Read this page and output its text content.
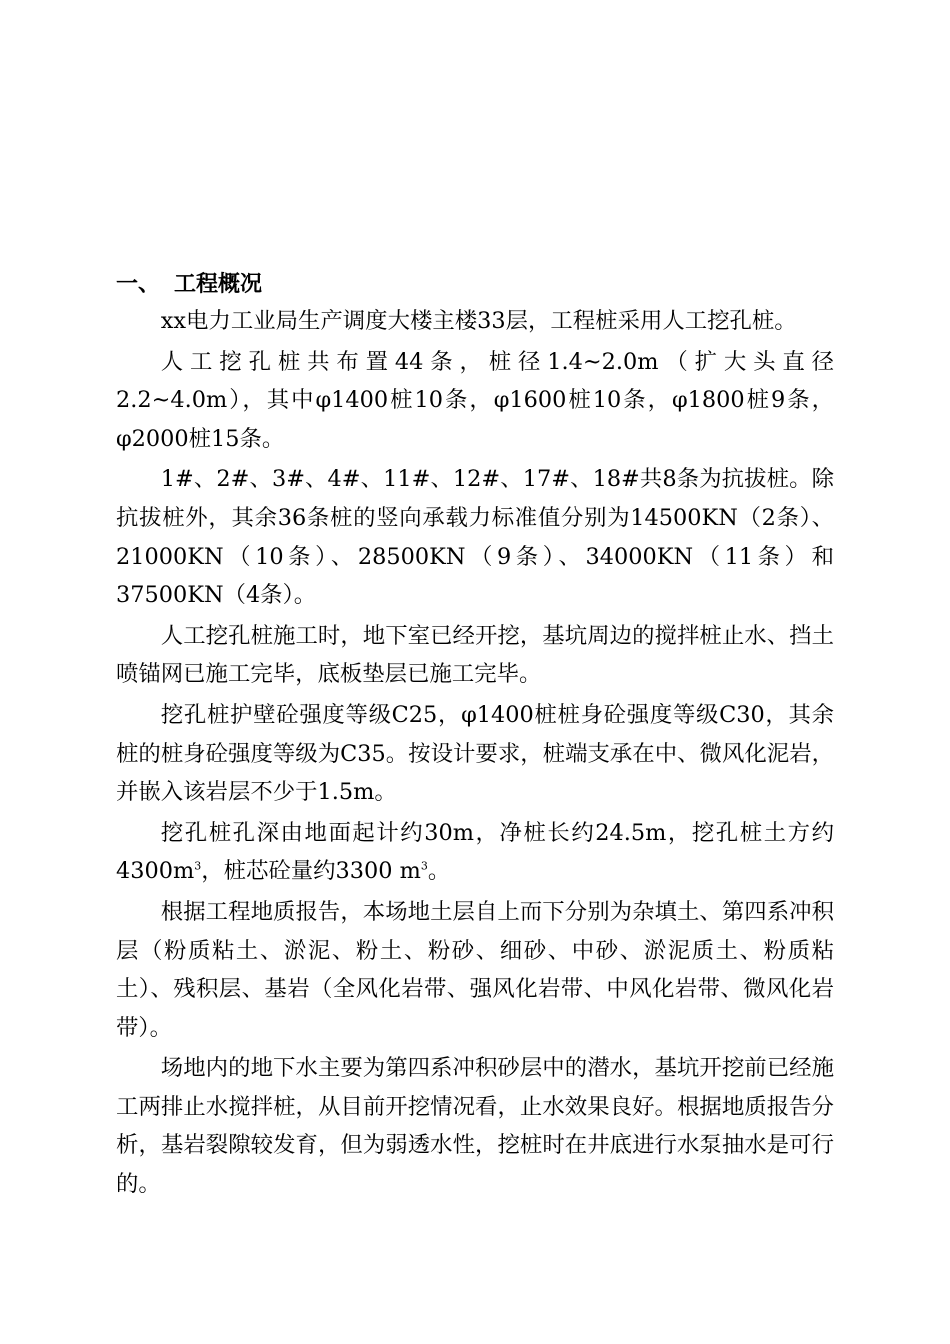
一、 工程概况

xx电力工业局生产调度大楼主楼33层，工程桩采用人工挖孔桩。

人工挖孔桩共布置44条，桩径1.4~2.0m（扩大头直径2.2~4.0m），其中φ1400桩10条，φ1600桩10条，φ1800桩9条，φ2000桩15条。

1#、2#、3#、4#、11#、12#、17#、18#共8条为抗拔桩。除抗拔桩外，其余36条桩的竖向承载力标准值分别为14500KN（2条）、21000KN（10条）、28500KN（9条）、34000KN（11条）和37500KN（4条）。

人工挖孔桩施工时，地下室已经开挖，基坑周边的搅拌桩止水、挡土喷锚网已施工完毕，底板垫层已施工完毕。

挖孔桩护壁砼强度等级C25，φ1400桩桩身砼强度等级C30，其余桩的桩身砼强度等级为C35。按设计要求，桩端支承在中、微风化泥岩，并嵌入该岩层不少于1.5m。

挖孔桩孔深由地面起计约30m，净桩长约24.5m，挖孔桩土方约$4300m^3$，桩芯砼量约3300 $m^3$。

根据工程地质报告，本场地土层自上而下分别为杂填土、第四系冲积层（粉质粘土、淤泥、粉土、粉砂、细砂、中砂、淤泥质土、粉质粘土）、残积层、基岩（全风化岩带、强风化岩带、中风化岩带、微风化岩带）。

场地内的地下水主要为第四系冲积砂层中的潜水，基坑开挖前已经施工两排止水搅拌桩，从目前开挖情况看，止水效果良好。根据地质报告分析，基岩裂隙较发育，但为弱透水性，挖桩时在井底进行水泵抽水是可行的。
